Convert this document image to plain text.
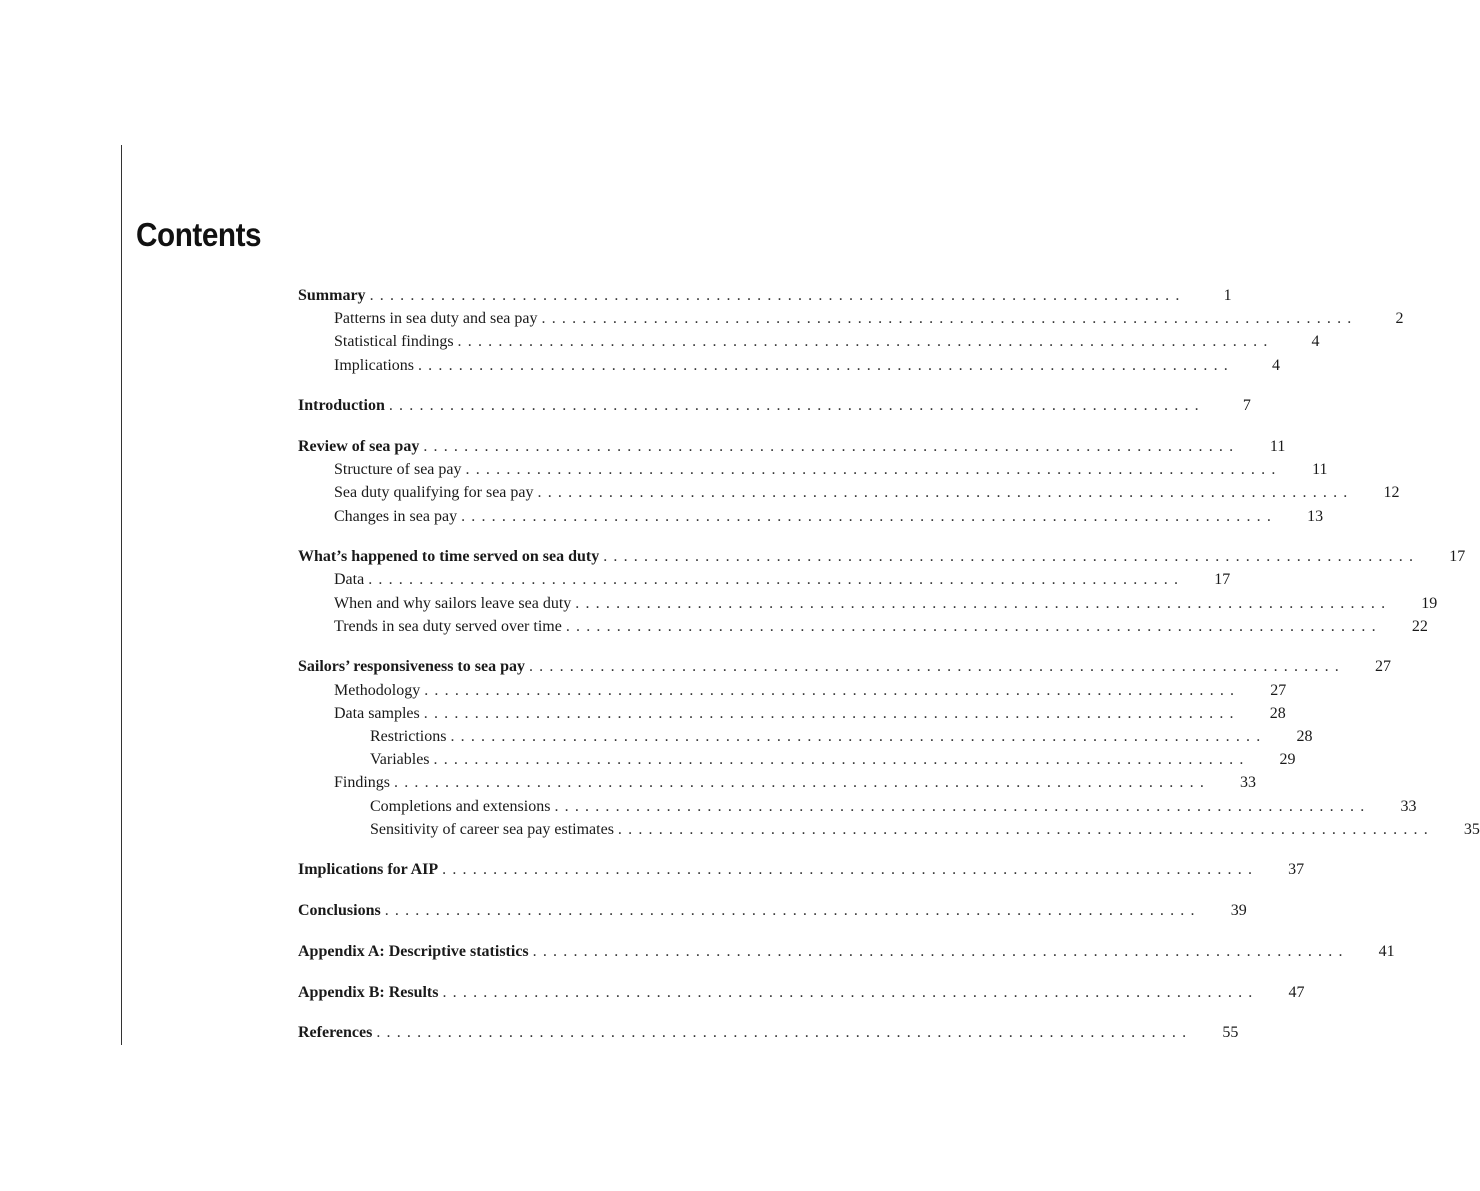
Contents
Summary ................................................................................	1
Patterns in sea duty and sea pay ................................................................................	2
Statistical findings ................................................................................	4
Implications ................................................................................	4
Introduction ................................................................................	7
Review of sea pay ................................................................................	11
Structure of sea pay ................................................................................	11
Sea duty qualifying for sea pay ................................................................................	12
Changes in sea pay ................................................................................	13
What’s happened to time served on sea duty ................................................................................	17
Data ................................................................................	17
When and why sailors leave sea duty ................................................................................	19
Trends in sea duty served over time ................................................................................	22
Sailors’ responsiveness to sea pay ................................................................................	27
Methodology ................................................................................	27
Data samples ................................................................................	28
Restrictions ................................................................................	28
Variables ................................................................................	29
Findings ................................................................................	33
Completions and extensions ................................................................................	33
Sensitivity of career sea pay estimates ................................................................................	35
Implications for AIP ................................................................................	37
Conclusions ................................................................................	39
Appendix A: Descriptive statistics ................................................................................	41
Appendix B: Results ................................................................................	47
References ................................................................................	55
